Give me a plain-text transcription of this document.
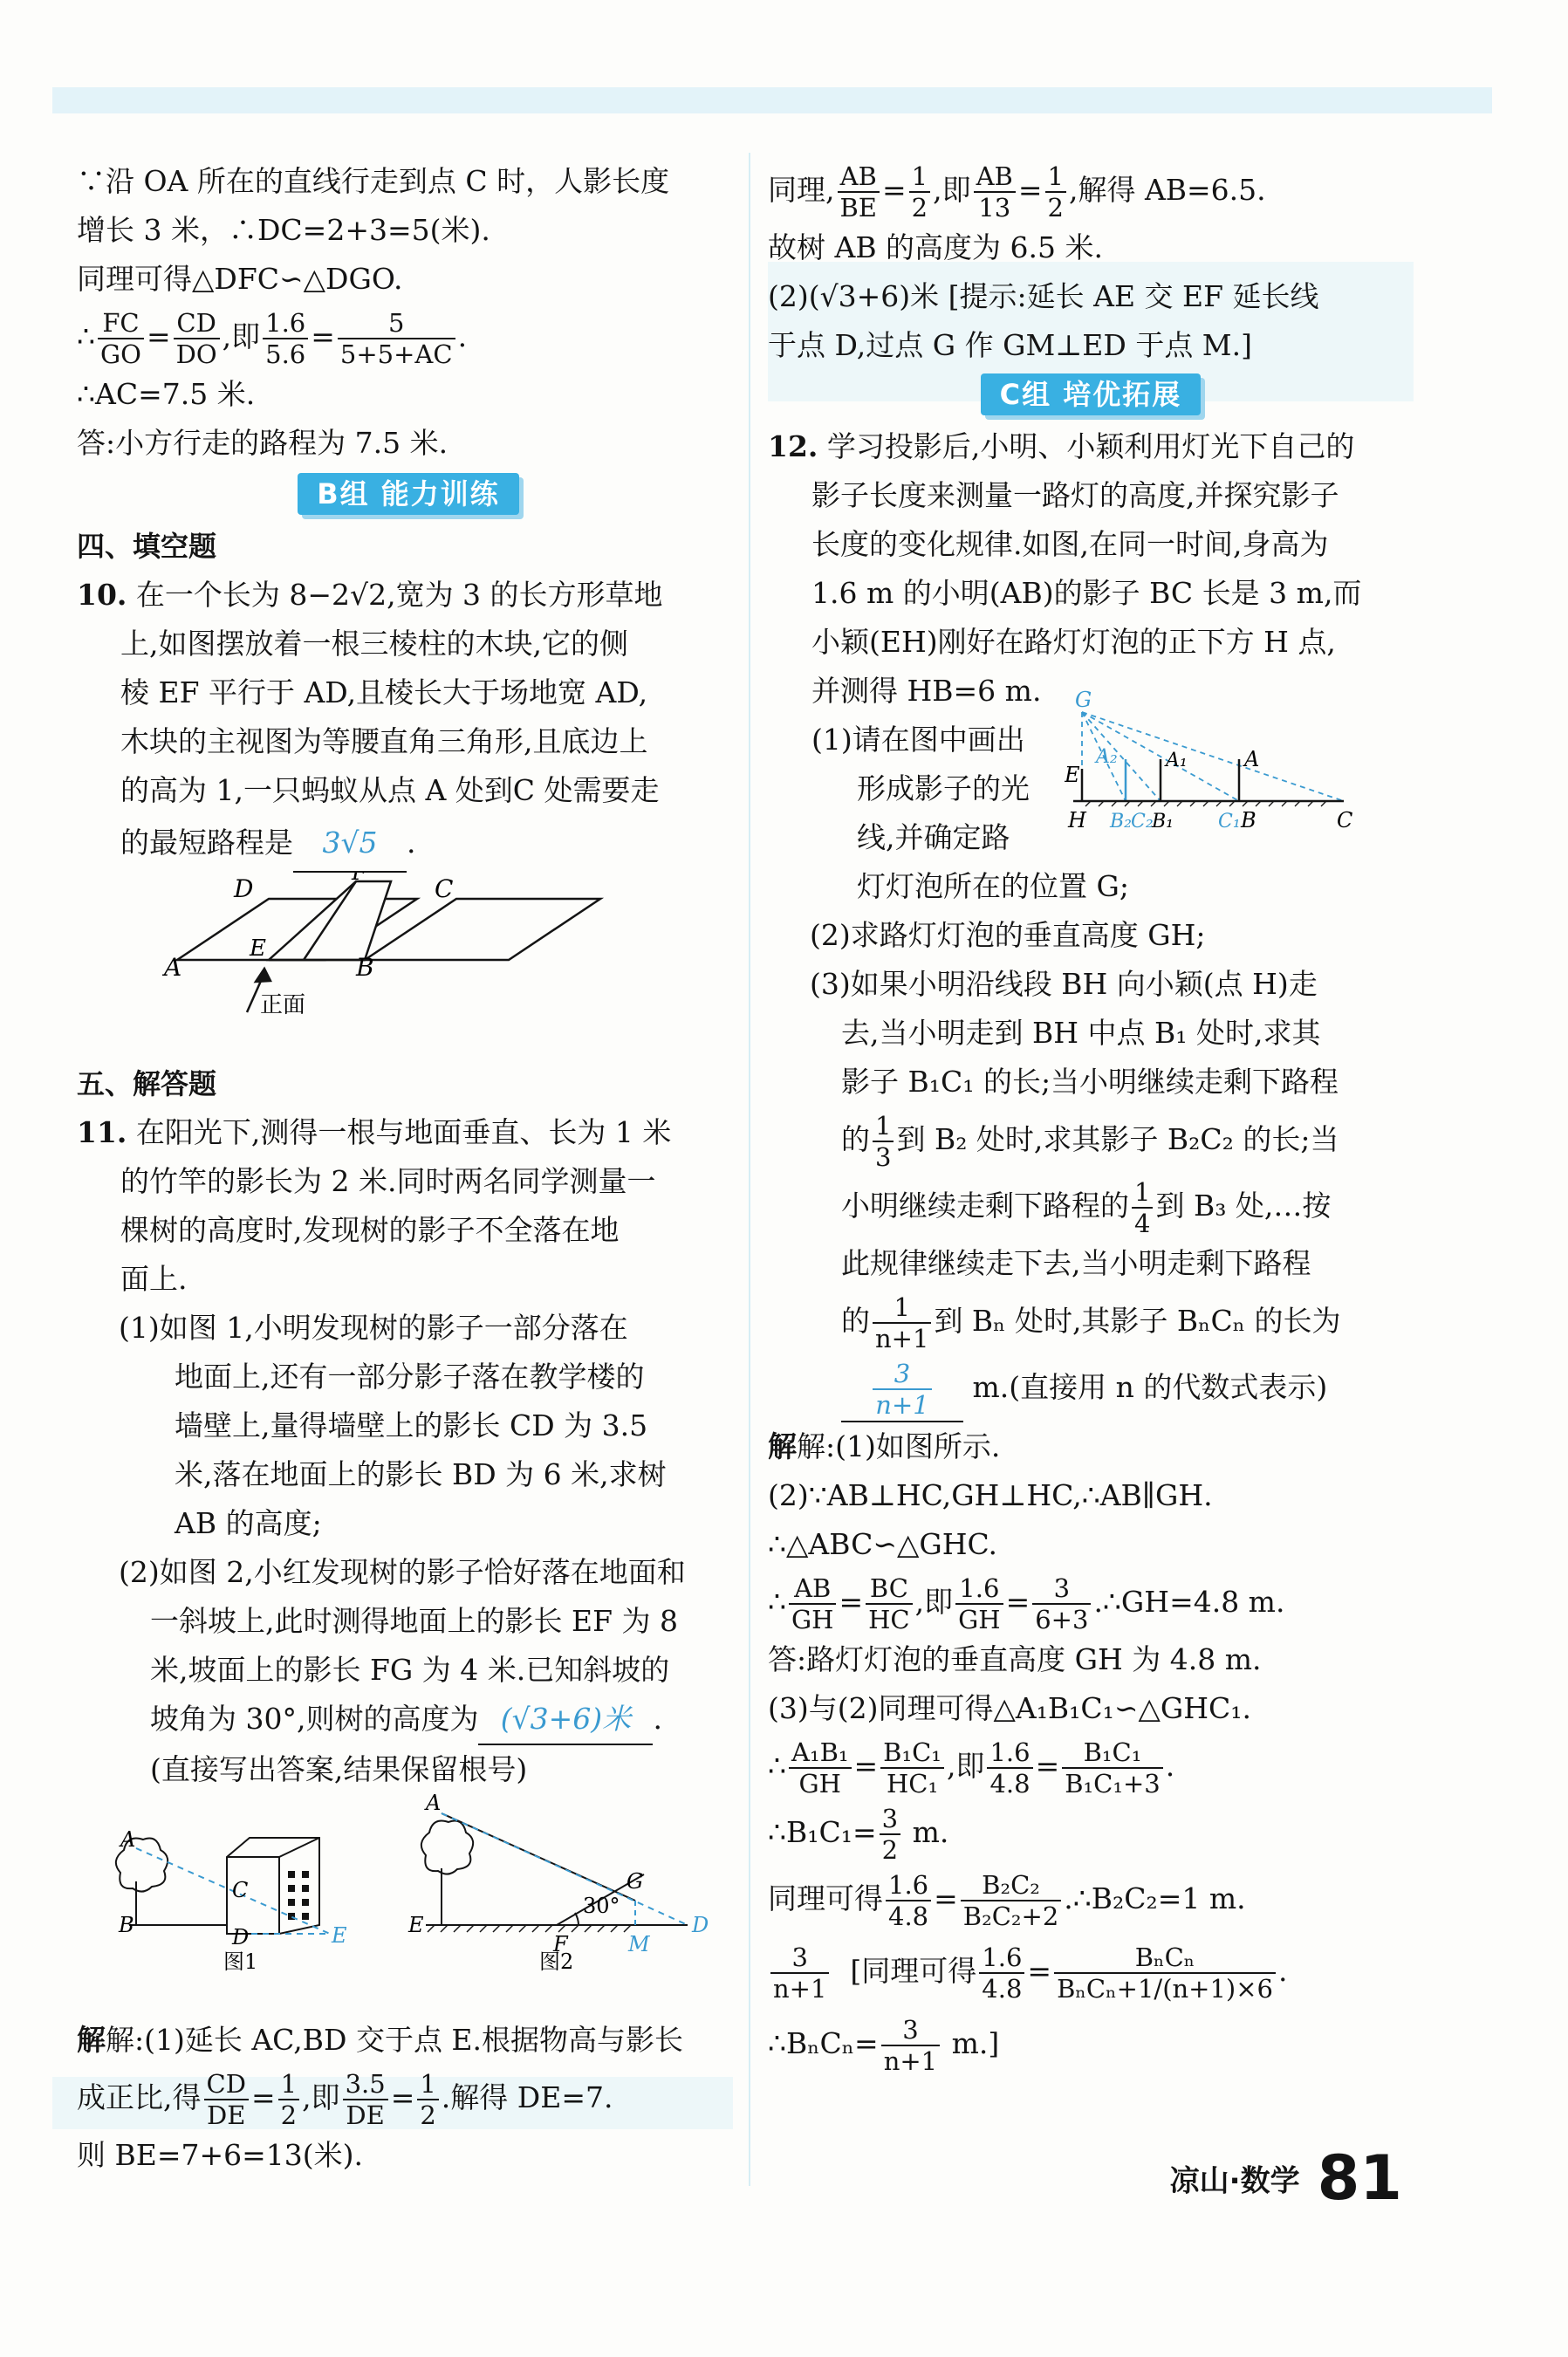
∵沿 OA 所在的直线行走到点 C 时，人影长度
增长 3 米，∴DC=2+3=5(米).
同理可得△DFC∽△DGO.
∴ $\frac{FC}{GO} = \frac{CD}{DO}$ ,即 $\frac{1.6}{5.6} = \frac{5}{5+5+AC}$ .
∴AC=7.5 米.
答:小方行走的路程为 7.5 米.
B组 能力训练
四、填空题
10. 在一个长为 8−2√2,宽为 3 的长方形草地
上,如图摆放着一根三棱柱的木块,它的侧
棱 EF 平行于 AD,且棱长大于场地宽 AD,
木块的主视图为等腰直角三角形,且底边上
的高为 1,一只蚂蚁从点 A 处到C 处需要走
的最短路程是 3√5 .
D	C
F
E
A	B
正面
五、解答题
11. 在阳光下,测得一根与地面垂直、长为 1 米
的竹竿的影长为 2 米.同时两名同学测量一
棵树的高度时,发现树的影子不全落在地
面上.
(1)如图 1,小明发现树的影子一部分落在
地面上,还有一部分影子落在教学楼的
墙壁上,量得墙壁上的影长 CD 为 3.5
米,落在地面上的影长 BD 为 6 米,求树
AB 的高度;
(2)如图 2,小红发现树的影子恰好落在地面和
一斜坡上,此时测得地面上的影长 EF 为 8
米,坡面上的影长 FG 为 4 米.已知斜坡的
坡角为 30°,则树的高度为 (√3+6)米 .
(直接写出答案,结果保留根号)
A
B
C
D	E
图1
A
E
F
G
M
D
30°
图2
解解:(1)延长 AC,BD 交于点 E.根据物高与影长
成正比,得 $\frac{CD}{DE} = \frac{1}{2}$ ,即 $\frac{3.5}{DE} = \frac{1}{2}$ .解得 DE=7.
则 BE=7+6=13(米).
同理, $\frac{AB}{BE} = \frac{1}{2}$ ,即 $\frac{AB}{13} = \frac{1}{2}$ ,解得 AB=6.5.
故树 AB 的高度为 6.5 米.
(2)(√3+6)米 [提示:延长 AE 交 EF 延长线
于点 D,过点 G 作 GM⊥ED 于点 M.]
C组 培优拓展
12. 学习投影后,小明、小颖利用灯光下自己的
影子长度来测量一路灯的高度,并探究影子
长度的变化规律.如图,在同一时间,身高为
1.6 m 的小明(AB)的影子 BC 长是 3 m,而
小颖(EH)刚好在路灯灯泡的正下方 H 点,
并测得 HB=6 m.
(1)请在图中画出
形成影子的光
线,并确定路
灯灯泡所在的位置 G;
G
E
H
A₂	A₁	A
B₂ C₂
B₁ C₁ B	C
(2)求路灯灯泡的垂直高度 GH;
(3)如果小明沿线段 BH 向小颖(点 H)走
去,当小明走到 BH 中点 B₁ 处时,求其
影子 B₁C₁ 的长;当小明继续走剩下路程
的 $\frac{1}{3}$ 到 B₂ 处时,求其影子 B₂C₂ 的长;当
小明继续走剩下路程的 $\frac{1}{4}$ 到 B₃ 处,…按
此规律继续走下去,当小明走剩下路程
的 $\frac{1}{n+1}$ 到 Bₙ 处时,其影子 BₙCₙ 的长为
$\frac{3}{n+1} m$.(直接用 n 的代数式表示)
解解:(1)如图所示.
(2)∵AB⊥HC,GH⊥HC,∴AB∥GH.
∴△ABC∽△GHC.
∴ $\frac{AB}{GH} = \frac{BC}{HC}$ ,即 $\frac{1.6}{GH} = \frac{3}{6+3}$ .∴GH=4.8 m.
答:路灯灯泡的垂直高度 GH 为 4.8 m.
(3)与(2)同理可得△A₁B₁C₁∽△GHC₁.
∴ $\frac{\text{A₁B₁}}{GH} = \frac{\text{B₁C₁}}{\text{HC₁}}$ ,即 $\frac{1.6}{4.8} = \frac{\text{B₁C₁}}{\text{B₁C₁+3}}$ .
∴B₁C₁= $\frac{3}{2} m$.
同理可得 $\frac{1.6}{4.8} = \frac{\text{B₂C₂}}{\text{B₂C₂+2}}$ .∴B₂C₂=1 m.
$\frac{3}{n+1}$ [同理可得 $\frac{1.6}{4.8} = \frac{\text{BₙCₙ}}{\text{BₙCₙ+1/(n+1)×6}}$ .
∴BₙCₙ= $\frac{3}{n+1} m$.]
凉山·数学 81
